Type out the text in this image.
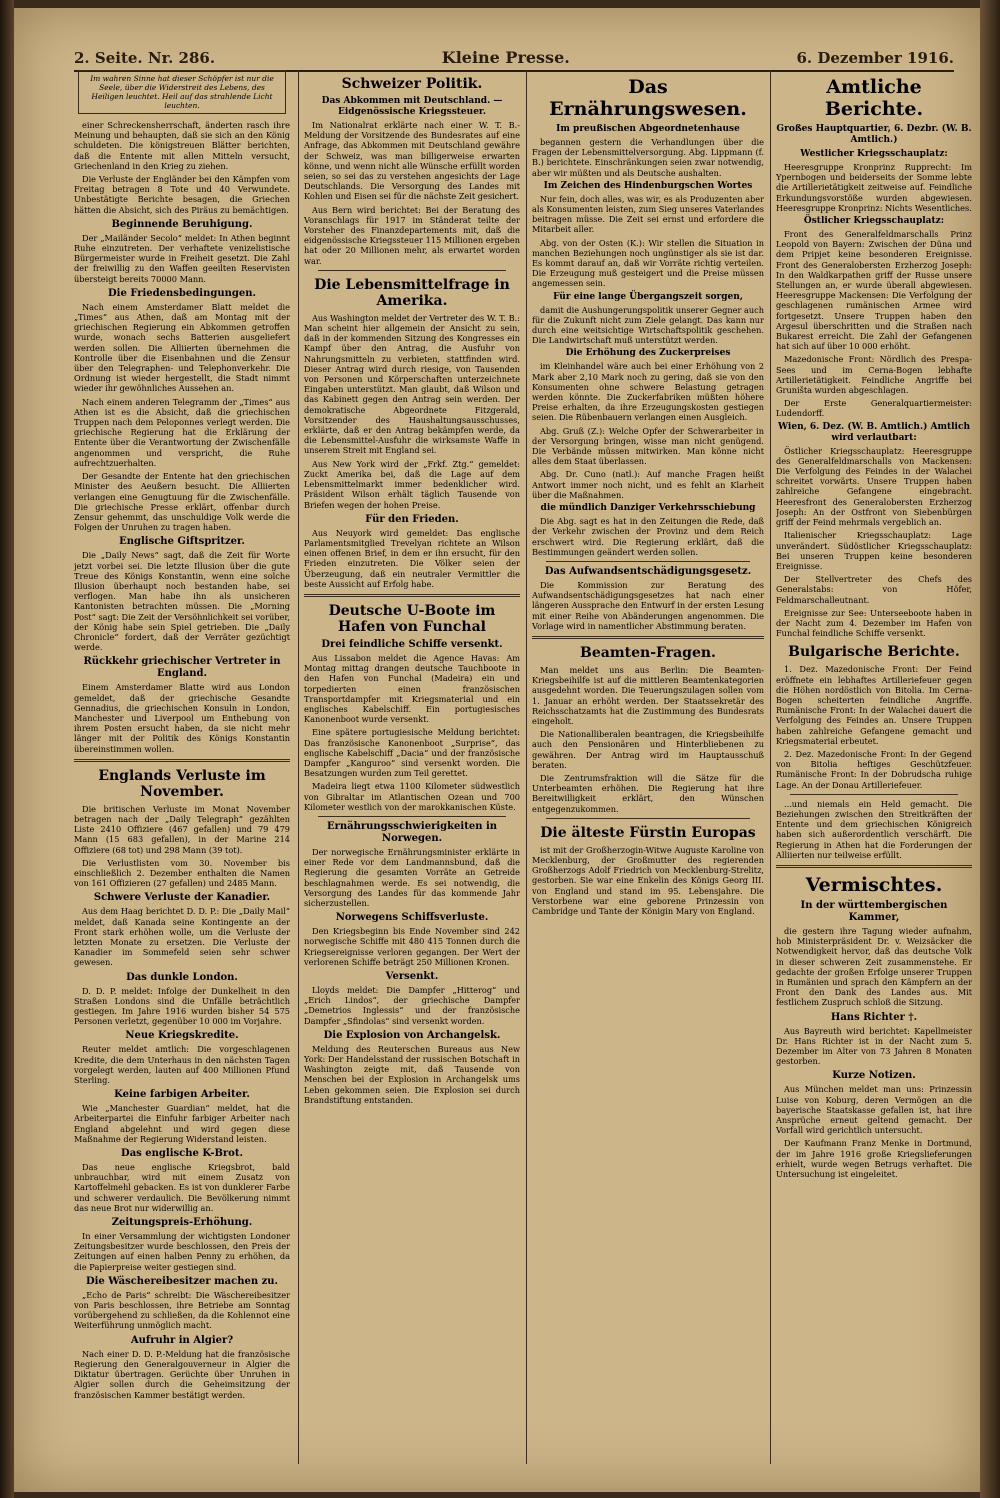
2. Seite. Nr. 286.	Kleine Presse.	6. Dezember 1916.
Im wahren Sinne hat dieser Schöpfer ist nur die Seele, über die Widerstreit des Lebens, des Heiligen leuchtet. Heil auf das strahlende Licht leuchten.

einer Schreckensherrschaft, änderten rasch ihre Meinung und behaupten, daß sie sich an den König schuldeten. Die königstreuen Blätter berichten, daß die Entente mit allen Mitteln versucht, Griechenland in den Krieg zu ziehen.

Die Verluste der Engländer bei den Kämpfen vom Freitag betragen 8 Tote und 40 Verwundete. Unbestätigte Berichte besagen, die Griechen hätten die Absicht, sich des Piräus zu bemächtigen.

Beginnende Beruhigung.

Der „Mailänder Secolo“ meldet: In Athen beginnt Ruhe einzutreten. Der verhaftete venizelistische Bürgermeister wurde in Freiheit gesetzt. Die Zahl der freiwillig zu den Waffen geeilten Reservisten übersteigt bereits 70000 Mann.

Die Friedensbedingungen.

Nach einem Amsterdamer Blatt meldet die „Times“ aus Athen, daß am Montag mit der griechischen Regierung ein Abkommen getroffen wurde, wonach sechs Batterien ausgeliefert werden sollen. Die Alliierten übernehmen die Kontrolle über die Eisenbahnen und die Zensur über den Telegraphen- und Telephonverkehr. Die Ordnung ist wieder hergestellt, die Stadt nimmt wieder ihr gewöhnliches Aussehen an.

Nach einem anderen Telegramm der „Times“ aus Athen ist es die Absicht, daß die griechischen Truppen nach dem Peloponnes verlegt werden. Die griechische Regierung hat die Erklärung der Entente über die Verantwortung der Zwischenfälle angenommen und verspricht, die Ruhe aufrechtzuerhalten.

Der Gesandte der Entente hat den griechischen Minister des Aeußern besucht. Die Alliierten verlangen eine Genugtuung für die Zwischenfälle. Die griechische Presse erklärt, offenbar durch Zensur gehemmt, das unschuldige Volk werde die Folgen der Unruhen zu tragen haben.

Englische Giftspritzer.

Die „Daily News“ sagt, daß die Zeit für Worte jetzt vorbei sei. Die letzte Illusion über die gute Treue des Königs Konstantin, wenn eine solche Illusion überhaupt noch bestanden habe, sei verflogen. Man habe ihn als unsicheren Kantonisten betrachten müssen. Die „Morning Post“ sagt: Die Zeit der Versöhnlichkeit sei vorüber, der König habe sein Spiel getrieben. Die „Daily Chronicle“ fordert, daß der Verräter gezüchtigt werde.

Rückkehr griechischer Vertreter in England.

Einem Amsterdamer Blatte wird aus London gemeldet, daß der griechische Gesandte Gennadius, die griechischen Konsuln in London, Manchester und Liverpool um Enthebung von ihrem Posten ersucht haben, da sie nicht mehr länger mit der Politik des Königs Konstantin übereinstimmen wollen.

Englands Verluste im November.

Die britischen Verluste im Monat November betragen nach der „Daily Telegraph“ gezählten Liste 2410 Offiziere (467 gefallen) und 79 479 Mann (15 683 gefallen), in der Marine 214 Offiziere (68 tot) und 298 Mann (39 tot).

Die Verlustlisten vom 30. November bis einschließlich 2. Dezember enthalten die Namen von 161 Offizieren (27 gefallen) und 2485 Mann.

Schwere Verluste der Kanadier.

Aus dem Haag berichtet D. D. P.: Die „Daily Mail“ meldet, daß Kanada seine Kontingente an der Front stark erhöhen wolle, um die Verluste der letzten Monate zu ersetzen. Die Verluste der Kanadier im Sommefeld seien sehr schwer gewesen.

Das dunkle London.

D. D. P. meldet: Infolge der Dunkelheit in den Straßen Londons sind die Unfälle beträchtlich gestiegen. Im Jahre 1916 wurden bisher 54 575 Personen verletzt, gegenüber 10 000 im Vorjahre.

Neue Kriegskredite.

Reuter meldet amtlich: Die vorgeschlagenen Kredite, die dem Unterhaus in den nächsten Tagen vorgelegt werden, lauten auf 400 Millionen Pfund Sterling.

Keine farbigen Arbeiter.

Wie „Manchester Guardian“ meldet, hat die Arbeiterpartei die Einfuhr farbiger Arbeiter nach England abgelehnt und wird gegen diese Maßnahme der Regierung Widerstand leisten.

Das englische K-Brot.

Das neue englische Kriegsbrot, bald unbrauchbar, wird mit einem Zusatz von Kartoffelmehl gebacken. Es ist von dunklerer Farbe und schwerer verdaulich. Die Bevölkerung nimmt das neue Brot nur widerwillig an.

Zeitungspreis-Erhöhung.

In einer Versammlung der wichtigsten Londoner Zeitungsbesitzer wurde beschlossen, den Preis der Zeitungen auf einen halben Penny zu erhöhen, da die Papierpreise weiter gestiegen sind.

Die Wäschereibesitzer machen zu.

„Echo de Paris“ schreibt: Die Wäschereibesitzer von Paris beschlossen, ihre Betriebe am Sonntag vorübergehend zu schließen, da die Kohlennot eine Weiterführung unmöglich macht.

Aufruhr in Algier?

Nach einer D. D. P.-Meldung hat die französische Regierung den Generalgouverneur in Algier die Diktatur übertragen. Gerüchte über Unruhen in Algier sollen durch die Geheimsitzung der französischen Kammer bestätigt werden.

Schweizer Politik.
Das Abkommen mit Deutschland. — Eidgenössische Kriegssteuer.

Im Nationalrat erklärte nach einer W. T. B.-Meldung der Vorsitzende des Bundesrates auf eine Anfrage, das Abkommen mit Deutschland gewähre der Schweiz, was man billigerweise erwarten könne, und wenn nicht alle Wünsche erfüllt worden seien, so sei das zu verstehen angesichts der Lage Deutschlands. Die Versorgung des Landes mit Kohlen und Eisen sei für die nächste Zeit gesichert.

Aus Bern wird berichtet: Bei der Beratung des Voranschlags für 1917 im Ständerat teilte der Vorsteher des Finanzdepartements mit, daß die eidgenössische Kriegssteuer 115 Millionen ergeben hat oder 20 Millionen mehr, als erwartet worden war.

Die Lebensmittelfrage in Amerika.

Aus Washington meldet der Vertreter des W. T. B.: Man scheint hier allgemein der Ansicht zu sein, daß in der kommenden Sitzung des Kongresses ein Kampf über den Antrag, die Ausfuhr von Nahrungsmitteln zu verbieten, stattfinden wird. Dieser Antrag wird durch riesige, von Tausenden von Personen und Körperschaften unterzeichnete Eingaben unterstützt. Man glaubt, daß Wilson und das Kabinett gegen den Antrag sein werden. Der demokratische Abgeordnete Fitzgerald, Vorsitzender des Haushaltungsausschusses, erklärte, daß er den Antrag bekämpfen werde, da die Lebensmittel-Ausfuhr die wirksamste Waffe in unserem Streit mit England sei.

Aus New York wird der „Frkf. Ztg.“ gemeldet: Zuckt Amerika bei, daß die Lage auf dem Lebensmittelmarkt immer bedenklicher wird. Präsident Wilson erhält täglich Tausende von Briefen wegen der hohen Preise.

Für den Frieden.

Aus Neuyork wird gemeldet: Das englische Parlamentsmitglied Trevelyan richtete an Wilson einen offenen Brief, in dem er ihn ersucht, für den Frieden einzutreten. Die Völker seien der Überzeugung, daß ein neutraler Vermittler die beste Aussicht auf Erfolg habe.

Deutsche U-Boote im Hafen von Funchal
Drei feindliche Schiffe versenkt.

Aus Lissabon meldet die Agence Havas: Am Montag mittag drangen deutsche Tauchboote in den Hafen von Funchal (Madeira) ein und torpedierten einen französischen Transportdampfer mit Kriegsmaterial und ein englisches Kabelschiff. Ein portugiesisches Kanonenboot wurde versenkt.

Eine spätere portugiesische Meldung berichtet: Das französische Kanonenboot „Surprise“, das englische Kabelschiff „Dacia“ und der französische Dampfer „Kanguroo“ sind versenkt worden. Die Besatzungen wurden zum Teil gerettet.

Madeira liegt etwa 1100 Kilometer südwestlich von Gibraltar im Atlantischen Ozean und 700 Kilometer westlich von der marokkanischen Küste.

Ernährungsschwierigkeiten in Norwegen.

Der norwegische Ernährungsminister erklärte in einer Rede vor dem Landmannsbund, daß die Regierung die gesamten Vorräte an Getreide beschlagnahmen werde. Es sei notwendig, die Versorgung des Landes für das kommende Jahr sicherzustellen.

Norwegens Schiffsverluste.

Den Kriegsbeginn bis Ende November sind 242 norwegische Schiffe mit 480 415 Tonnen durch die Kriegsereignisse verloren gegangen. Der Wert der verlorenen Schiffe beträgt 250 Millionen Kronen.

Versenkt.

Lloyds meldet: Die Dampfer „Hitterog“ und „Erich Lindos“, der griechische Dampfer „Demetrios Inglessis“ und der französische Dampfer „Sfindolas“ sind versenkt worden.

Die Explosion von Archangelsk.

Meldung des Reuterschen Bureaus aus New York: Der Handelsstand der russischen Botschaft in Washington zeigte mit, daß Tausende von Menschen bei der Explosion in Archangelsk ums Leben gekommen seien. Die Explosion sei durch Brandstiftung entstanden.

Das Ernährungswesen.
Im preußischen Abgeordnetenhause

begannen gestern die Verhandlungen über die Fragen der Lebensmittelversorgung. Abg. Lippmann (f. B.) berichtete. Einschränkungen seien zwar notwendig, aber wir müßten und als Deutsche aushalten.

Im Zeichen des Hindenburgschen Wortes

Nur fein, doch alles, was wir, es als Produzenten aber als Konsumenten leisten, zum Sieg unseres Vaterlandes beitragen müsse. Die Zeit sei ernst und erfordere die Mitarbeit aller.

Abg. von der Osten (K.): Wir stellen die Situation in manchen Beziehungen noch ungünstiger als sie ist dar. Es kommt darauf an, daß wir Vorräte richtig verteilen. Die Erzeugung muß gesteigert und die Preise müssen angemessen sein.

Für eine lange Übergangszeit sorgen,

damit die Aushungerungspolitik unserer Gegner auch für die Zukunft nicht zum Ziele gelangt. Das kann nur durch eine weitsichtige Wirtschaftspolitik geschehen. Die Landwirtschaft muß unterstützt werden.

Die Erhöhung des Zuckerpreises

im Kleinhandel wäre auch bei einer Erhöhung von 2 Mark aber 2,10 Mark noch zu gering, daß sie von den Konsumenten ohne schwere Belastung getragen werden könnte. Die Zuckerfabriken müßten höhere Preise erhalten, da ihre Erzeugungskosten gestiegen seien. Die Rübenbauern verlangen einen Ausgleich.

Abg. Gruß (Z.): Welche Opfer der Schwerarbeiter in der Versorgung bringen, wisse man nicht genügend. Die Verbände müssen mitwirken. Man könne nicht alles dem Staat überlassen.

Abg. Dr. Cuno (natl.): Auf manche Fragen heißt Antwort immer noch nicht, und es fehlt an Klarheit über die Maßnahmen.

die mündlich Danziger Verkehrsschiebung

Die Abg. sagt es hat in den Zeitungen die Rede, daß der Verkehr zwischen der Provinz und dem Reich erschwert wird. Die Regierung erklärt, daß die Bestimmungen geändert werden sollen.

Das Aufwandsentschädigungsgesetz.

Die Kommission zur Beratung des Aufwandsentschädigungsgesetzes hat nach einer längeren Aussprache den Entwurf in der ersten Lesung mit einer Reihe von Abänderungen angenommen. Die Vorlage wird in namentlicher Abstimmung beraten.

Beamten-Fragen.

Man meldet uns aus Berlin: Die Beamten-Kriegsbeihilfe ist auf die mittleren Beamtenkategorien ausgedehnt worden. Die Teuerungszulagen sollen vom 1. Januar an erhöht werden. Der Staatssekretär des Reichsschatzamts hat die Zustimmung des Bundesrats eingeholt.

Die Nationalliberalen beantragen, die Kriegsbeihilfe auch den Pensionären und Hinterbliebenen zu gewähren. Der Antrag wird im Hauptausschuß beraten.

Die Zentrumsfraktion will die Sätze für die Unterbeamten erhöhen. Die Regierung hat ihre Bereitwilligkeit erklärt, den Wünschen entgegenzukommen.

Die älteste Fürstin Europas

ist mit der Großherzogin-Witwe Auguste Karoline von Mecklenburg, der Großmutter des regierenden Großherzogs Adolf Friedrich von Mecklenburg-Strelitz, gestorben. Sie war eine Enkelin des Königs Georg III. von England und stand im 95. Lebensjahre. Die Verstorbene war eine geborene Prinzessin von Cambridge und Tante der Königin Mary von England.

Amtliche Berichte.
Großes Hauptquartier, 6. Dezbr. (W. B. Amtlich.)
Westlicher Kriegsschauplatz:

Heeresgruppe Kronprinz Rupprecht: Im Ypernbogen und beiderseits der Somme lebte die Artillerietätigkeit zeitweise auf. Feindliche Erkundungsvorstöße wurden abgewiesen. Heeresgruppe Kronprinz: Nichts Wesentliches.

Östlicher Kriegsschauplatz:

Front des Generalfeldmarschalls Prinz Leopold von Bayern: Zwischen der Düna und dem Pripjet keine besonderen Ereignisse. Front des Generalobersten Erzherzog Joseph: In den Waldkarpathen griff der Russe unsere Stellungen an, er wurde überall abgewiesen. Heeresgruppe Mackensen: Die Verfolgung der geschlagenen rumänischen Armee wird fortgesetzt. Unsere Truppen haben den Argesul überschritten und die Straßen nach Bukarest erreicht. Die Zahl der Gefangenen hat sich auf über 10 000 erhöht.

Mazedonische Front: Nördlich des Prespa-Sees und im Cerna-Bogen lebhafte Artillerietätigkeit. Feindliche Angriffe bei Gruništa wurden abgeschlagen.

Der Erste Generalquartiermeister: Ludendorff.

Wien, 6. Dez. (W. B. Amtlich.) Amtlich wird verlautbart:

Östlicher Kriegsschauplatz: Heeresgruppe des Generalfeldmarschalls von Mackensen: Die Verfolgung des Feindes in der Walachei schreitet vorwärts. Unsere Truppen haben zahlreiche Gefangene eingebracht. Heeresfront des Generalobersten Erzherzog Joseph: An der Ostfront von Siebenbürgen griff der Feind mehrmals vergeblich an.

Italienischer Kriegsschauplatz: Lage unverändert. Südöstlicher Kriegsschauplatz: Bei unseren Truppen keine besonderen Ereignisse.

Der Stellvertreter des Chefs des Generalstabs: von Höfer, Feldmarschalleutnant.

Ereignisse zur See: Unterseeboote haben in der Nacht zum 4. Dezember im Hafen von Funchal feindliche Schiffe versenkt.

Bulgarische Berichte.

1. Dez. Mazedonische Front: Der Feind eröffnete ein lebhaftes Artilleriefeuer gegen die Höhen nordöstlich von Bitolia. Im Cerna-Bogen scheiterten feindliche Angriffe. Rumänische Front: In der Walachei dauert die Verfolgung des Feindes an. Unsere Truppen haben zahlreiche Gefangene gemacht und Kriegsmaterial erbeutet.

2. Dez. Mazedonische Front: In der Gegend von Bitolia heftiges Geschützfeuer. Rumänische Front: In der Dobrudscha ruhige Lage. An der Donau Artilleriefeuer.

...und niemals ein Held gemacht. Die Beziehungen zwischen den Streitkräften der Entente und dem griechischen Königreich haben sich außerordentlich verschärft. Die Regierung in Athen hat die Forderungen der Alliierten nur teilweise erfüllt.

Vermischtes.
In der württembergischen Kammer,

die gestern ihre Tagung wieder aufnahm, hob Ministerpräsident Dr. v. Weizsäcker die Notwendigkeit hervor, daß das deutsche Volk in dieser schweren Zeit zusammenstehe. Er gedachte der großen Erfolge unserer Truppen in Rumänien und sprach den Kämpfern an der Front den Dank des Landes aus. Mit festlichem Zuspruch schloß die Sitzung.

Hans Richter †.

Aus Bayreuth wird berichtet: Kapellmeister Dr. Hans Richter ist in der Nacht zum 5. Dezember im Alter von 73 Jahren 8 Monaten gestorben.

Kurze Notizen.

Aus München meldet man uns: Prinzessin Luise von Koburg, deren Vermögen an die bayerische Staatskasse gefallen ist, hat ihre Ansprüche erneut geltend gemacht. Der Vorfall wird gerichtlich untersucht.

Der Kaufmann Franz Menke in Dortmund, der im Jahre 1916 große Kriegslieferungen erhielt, wurde wegen Betrugs verhaftet. Die Untersuchung ist eingeleitet.
